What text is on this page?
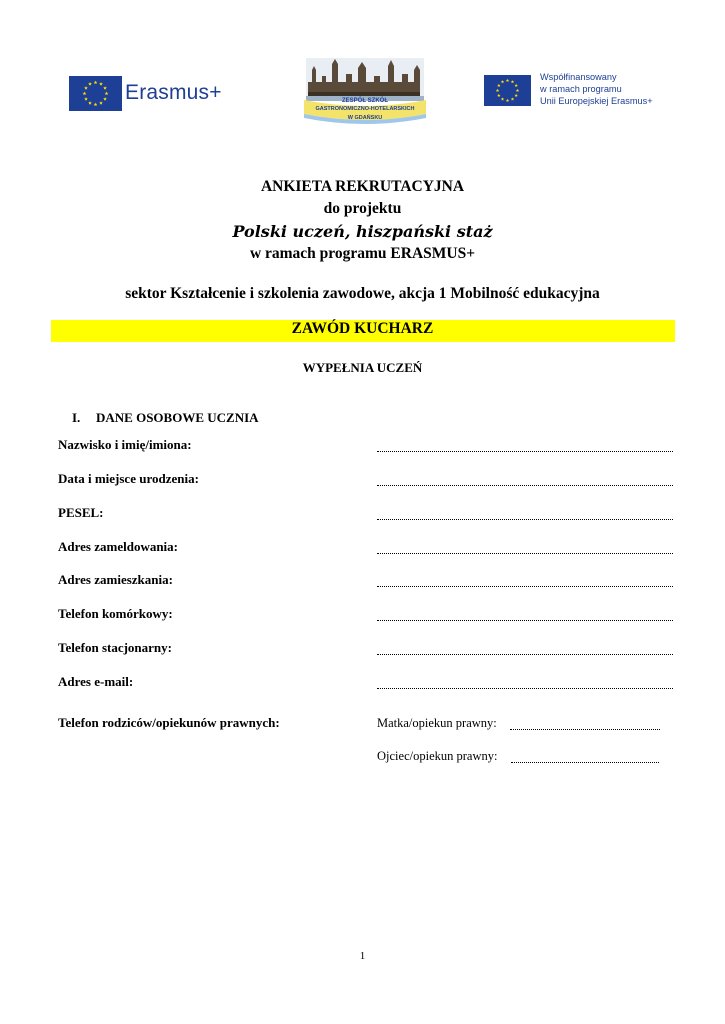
Erasmus+	ZESPÓŁ SZKÓŁ
GASTRONOMICZNO-HOTELARSKICH
W GDAŃSKU
Współfinansowany
w ramach programu
Unii Europejskiej Erasmus+
ANKIETA REKRUTACYJNA
do projektu
Polski uczeń, hiszpański staż
w ramach programu ERASMUS+
sektor Kształcenie i szkolenia zawodowe, akcja 1 Mobilność edukacyjna
ZAWÓD KUCHARZ
WYPEŁNIA UCZEŃ
I. DANE OSOBOWE UCZNIA
Nazwisko i imię/imiona:
Data i miejsce urodzenia:
PESEL:
Adres zameldowania:
Adres zamieszkania:
Telefon komórkowy:
Telefon stacjonarny:
Adres e-mail:
Telefon rodziców/opiekunów prawnych:	Matka/opiekun prawny:
Ojciec/opiekun prawny:
1
